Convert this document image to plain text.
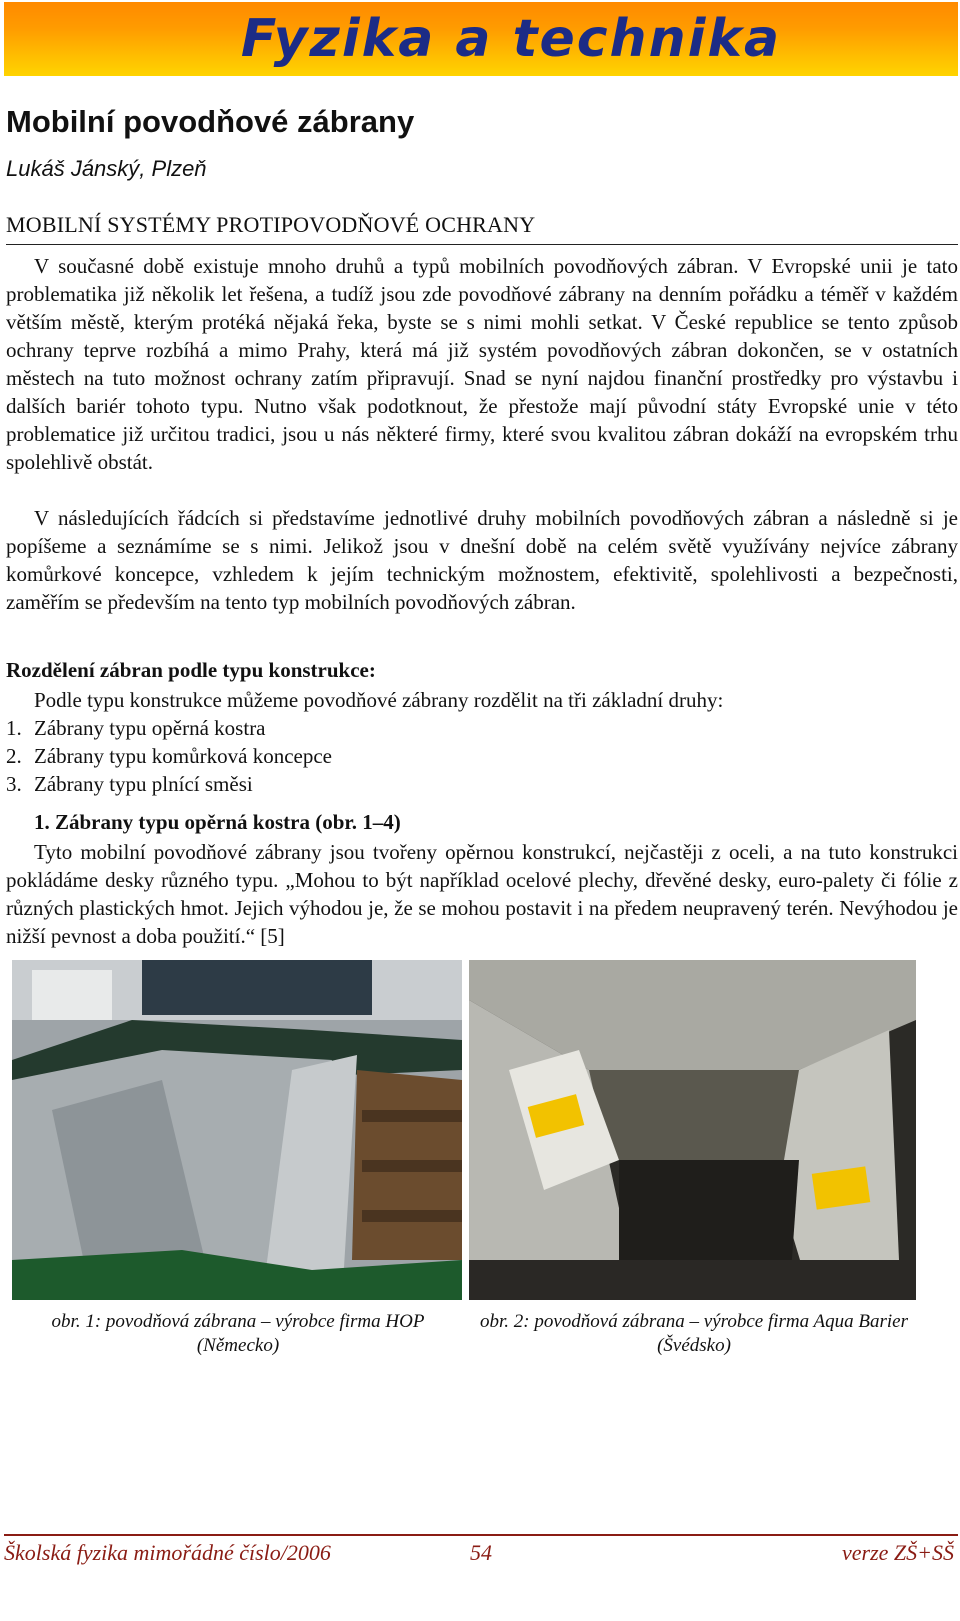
Fyzika a technika
Mobilní povodňové zábrany
Lukáš Jánský, Plzeň
MOBILNÍ SYSTÉMY PROTIPOVODŇOVÉ OCHRANY

V současné době existuje mnoho druhů a typů mobilních povodňových zábran. V Evropské unii je tato problematika již několik let řešena, a tudíž jsou zde povodňové zábrany na denním pořádku a téměř v každém větším městě, kterým protéká nějaká řeka, byste se s nimi mohli setkat. V České republice se tento způsob ochrany teprve rozbíhá a mimo Prahy, která má již systém povodňových zábran dokončen, se v ostatních městech na tuto možnost ochrany zatím připravují. Snad se nyní najdou finanční prostředky pro výstavbu i dalších bariér tohoto typu. Nutno však podotknout, že přestože mají původní státy Evropské unie v této problematice již určitou tradici, jsou u nás některé firmy, které svou kvalitou zábran dokáží na evropském trhu spolehlivě obstát.

V následujících řádcích si představíme jednotlivé druhy mobilních povodňových zábran a následně si je popíšeme a seznámíme se s nimi. Jelikož jsou v dnešní době na celém světě využívány nejvíce zábrany komůrkové koncepce, vzhledem k jejím technickým možnostem, efektivitě, spolehlivosti a bezpečnosti, zaměřím se především na tento typ mobilních povodňových zábran.

Rozdělení zábran podle typu konstrukce:

Podle typu konstrukce můžeme povodňové zábrany rozdělit na tři základní druhy:

1. Zábrany typu opěrná kostra
2. Zábrany typu komůrková koncepce
3. Zábrany typu plnící směsi
1. Zábrany typu opěrná kostra (obr. 1–4)

Tyto mobilní povodňové zábrany jsou tvořeny opěrnou konstrukcí, nejčastěji z oceli, a na tuto konstrukci pokládáme desky různého typu. „Mohou to být například ocelové plechy, dřevěné desky, euro-palety či fólie z různých plastických hmot. Jejich výhodou je, že se mohou postavit i na předem neupravený terén. Nevýhodou je nižší pevnost a doba použití.“ [5]

obr. 1: povodňová zábrana – výrobce firma HOP (Německo)
obr. 2: povodňová zábrana – výrobce firma Aqua Barier (Švédsko)
Školská fyzika mimořádné číslo/2006	54	verze ZŠ+SŠ
